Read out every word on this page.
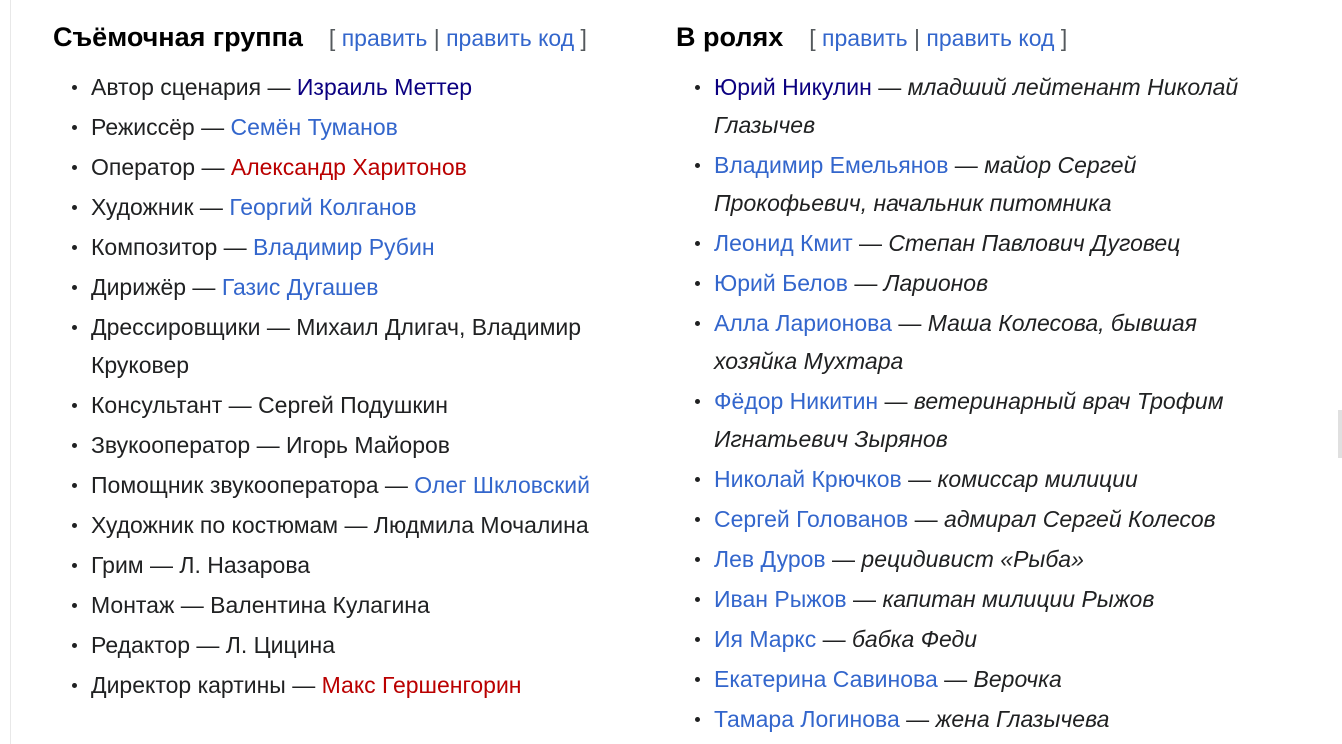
Съёмочная группа [ править | править код ]
Автор сценария — Израиль Меттер
Режиссёр — Семён Туманов
Оператор — Александр Харитонов
Художник — Георгий Колганов
Композитор — Владимир Рубин
Дирижёр — Газис Дугашев
Дрессировщики — Михаил Длигач, Владимир Круковер
Консультант — Сергей Подушкин
Звукооператор — Игорь Майоров
Помощник звукооператора — Олег Шкловский
Художник по костюмам — Людмила Мочалина
Грим — Л. Назарова
Монтаж — Валентина Кулагина
Редактор — Л. Цицина
Директор картины — Макс Гершенгорин
В ролях [ править | править код ]
Юрий Никулин — младший лейтенант Николай Глазычев
Владимир Емельянов — майор Сергей Прокофьевич, начальник питомника
Леонид Кмит — Степан Павлович Дуговец
Юрий Белов — Ларионов
Алла Ларионова — Маша Колесова, бывшая хозяйка Мухтара
Фёдор Никитин — ветеринарный врач Трофим Игнатьевич Зырянов
Николай Крючков — комиссар милиции
Сергей Голованов — адмирал Сергей Колесов
Лев Дуров — рецидивист «Рыба»
Иван Рыжов — капитан милиции Рыжов
Ия Маркс — бабка Феди
Екатерина Савинова — Верочка
Тамара Логинова — жена Глазычева
